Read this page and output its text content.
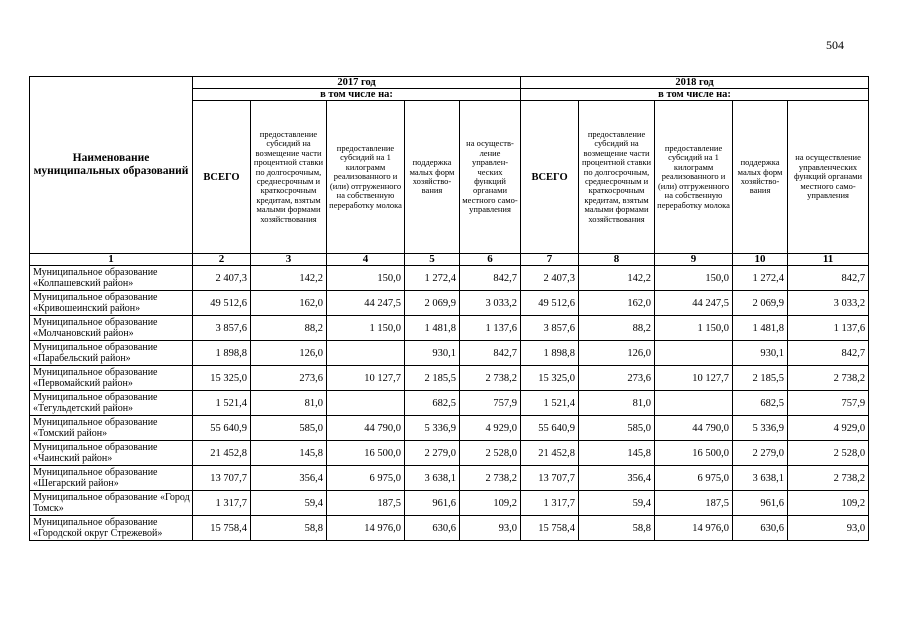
504
Наименование муниципальных образований	2017 год					2018 год				
	в том числе на:					в том числе на:				
	ВСЕГО	предоставление субсидий на возмещение части процентной ставки по долгосрочным, среднесрочным и краткосрочным кредитам, взятым малыми формами хозяйствования	предоставление субсидий на 1 килограмм реализованного и (или) отгруженного на собственную переработку молока	поддержка малых форм хозяйство-вания	на осуществ-ление управлен-ческих функций органами местного само-управления	ВСЕГО	предоставление субсидий на возмещение части процентной ставки по долгосрочным, среднесрочным и краткосрочным кредитам, взятым малыми формами хозяйствования	предоставление субсидий на 1 килограмм реализованного и (или) отгруженного на собственную переработку молока	поддержка малых форм хозяйство-вания	на осуществление управленческих функций органами местного само-управления
1	2	3	4	5	6	7	8	9	10	11
Муниципальное образование «Колпашевский район»	2 407,3	142,2	150,0	1 272,4	842,7	2 407,3	142,2	150,0	1 272,4	842,7
Муниципальное образование «Кривошеинский район»	49 512,6	162,0	44 247,5	2 069,9	3 033,2	49 512,6	162,0	44 247,5	2 069,9	3 033,2
Муниципальное образование «Молчановский район»	3 857,6	88,2	1 150,0	1 481,8	1 137,6	3 857,6	88,2	1 150,0	1 481,8	1 137,6
Муниципальное образование «Парабельский район»	1 898,8	126,0		930,1	842,7	1 898,8	126,0		930,1	842,7
Муниципальное образование «Первомайский район»	15 325,0	273,6	10 127,7	2 185,5	2 738,2	15 325,0	273,6	10 127,7	2 185,5	2 738,2
Муниципальное образование «Тегульдетский район»	1 521,4	81,0		682,5	757,9	1 521,4	81,0		682,5	757,9
Муниципальное образование «Томский район»	55 640,9	585,0	44 790,0	5 336,9	4 929,0	55 640,9	585,0	44 790,0	5 336,9	4 929,0
Муниципальное образование «Чаинский район»	21 452,8	145,8	16 500,0	2 279,0	2 528,0	21 452,8	145,8	16 500,0	2 279,0	2 528,0
Муниципальное образование «Шегарский район»	13 707,7	356,4	6 975,0	3 638,1	2 738,2	13 707,7	356,4	6 975,0	3 638,1	2 738,2
Муниципальное образование «Город Томск»	1 317,7	59,4	187,5	961,6	109,2	1 317,7	59,4	187,5	961,6	109,2
Муниципальное образование «Городской округ Стрежевой»	15 758,4	58,8	14 976,0	630,6	93,0	15 758,4	58,8	14 976,0	630,6	93,0
